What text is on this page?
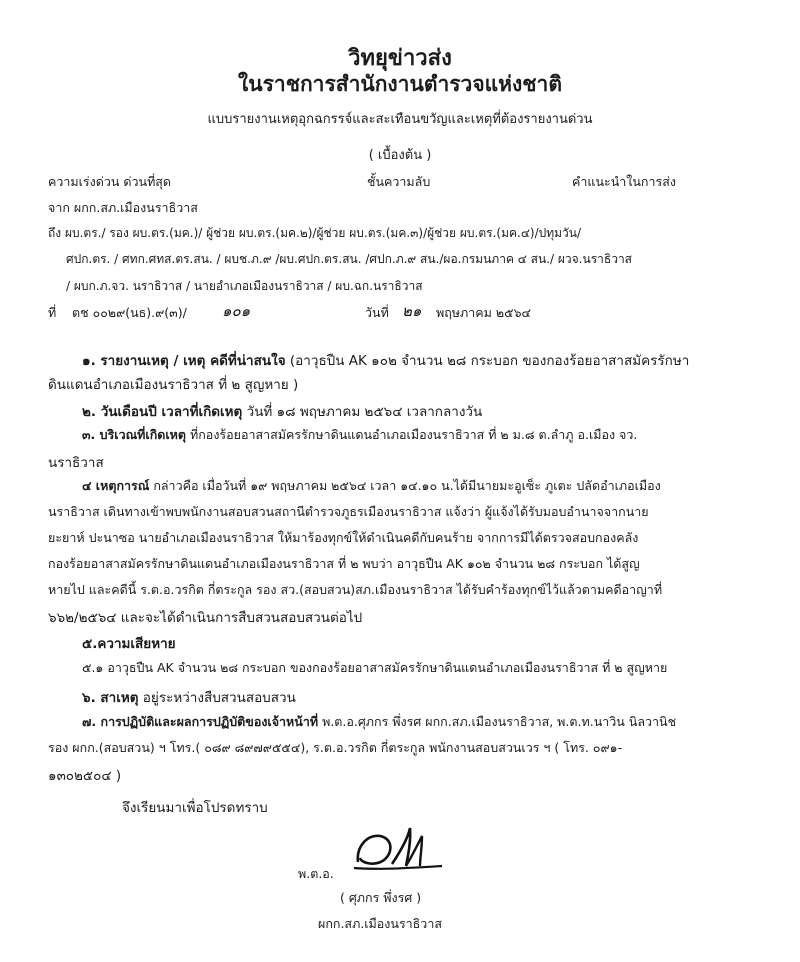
วิทยุข่าวส่ง
ในราชการสำนักงานตำรวจแห่งชาติ
แบบรายงานเหตุอุกฉกรรจ์และสะเทือนขวัญและเหตุที่ต้องรายงานด่วน
( เบื้องต้น )
ความเร่งด่วน ด่วนที่สุด	ชั้นความลับ	คำแนะนำในการส่ง
จาก ผกก.สภ.เมืองนราธิวาส
ถึง ผบ.ตร./ รอง ผบ.ตร.(มค.)/ ผู้ช่วย ผบ.ตร.(มค.๒)/ผู้ช่วย ผบ.ตร.(มค.๓)/ผู้ช่วย ผบ.ตร.(มค.๔)/ปทุมวัน/
ศปก.ตร. / ศทก.ศทส.ตร.สน. / ผบช.ภ.๙ /ผบ.ศปก.ตร.สน. /ศปก.ภ.๙ สน./ผอ.กรมนภาค ๔ สน./ ผวจ.นราธิวาส
/ ผบก.ภ.จว. นราธิวาส / นายอำเภอเมืองนราธิวาส / ผบ.ฉก.นราธิวาส
ที่ ตช ๐๐๒๙(นธ).๙(๓)/ ๑๐๑	วันที่ ๒๑ พฤษภาคม ๒๕๖๔
๑. รายงานเหตุ / เหตุ คดีที่น่าสนใจ (อาวุธปืน AK ๑๐๒ จำนวน ๒๘ กระบอก ของกองร้อยอาสาสมัครรักษา
ดินแดนอำเภอเมืองนราธิวาส ที่ ๒ สูญหาย )
๒. วันเดือนปี เวลาที่เกิดเหตุ วันที่ ๑๘ พฤษภาคม ๒๕๖๔ เวลากลางวัน
๓. บริเวณที่เกิดเหตุ ที่กองร้อยอาสาสมัครรักษาดินแดนอำเภอเมืองนราธิวาส ที่ ๒ ม.๘ ต.ลำภู อ.เมือง จว.
นราธิวาส
๔ เหตุการณ์ กล่าวคือ เมื่อวันที่ ๑๙ พฤษภาคม ๒๕๖๔ เวลา ๑๔.๑๐ น.ได้มีนายมะอูเซ็ะ ภูเตะ ปลัดอำเภอเมือง
นราธิวาส เดินทางเข้าพบพนักงานสอบสวนสถานีตำรวจภูธรเมืองนราธิวาส แจ้งว่า ผู้แจ้งได้รับมอบอำนาจจากนาย
ยะยาห์ ปะนาซอ นายอำเภอเมืองนราธิวาส ให้มาร้องทุกข์ให้ดำเนินคดีกับคนร้าย จากการมีได้ตรวจสอบกองคลัง
กองร้อยอาสาสมัครรักษาดินแดนอำเภอเมืองนราธิวาส ที่ ๒ พบว่า อาวุธปืน AK ๑๐๒ จำนวน ๒๘ กระบอก ได้สูญ
หายไป และคดีนี้ ร.ต.อ.วรกิต กี่ตระกูล รอง สว.(สอบสวน)สภ.เมืองนราธิวาส ได้รับคำร้องทุกข์ไว้แล้วตามคดีอาญาที่
๖๖๒/๒๕๖๔ และจะได้ดำเนินการสืบสวนสอบสวนต่อไป
๕.ความเสียหาย
๕.๑ อาวุธปืน AK จำนวน ๒๘ กระบอก ของกองร้อยอาสาสมัครรักษาดินแดนอำเภอเมืองนราธิวาส ที่ ๒ สูญหาย
๖. สาเหตุ อยู่ระหว่างสืบสวนสอบสวน
๗. การปฏิบัติและผลการปฏิบัติของเจ้าหน้าที่ พ.ต.อ.ศุภกร พึ่งรศ ผกก.สภ.เมืองนราธิวาส, พ.ต.ท.นาวิน นิลวานิช
รอง ผกก.(สอบสวน) ฯ โทร.( ๐๘๙ ๘๙๗๙๕๕๔), ร.ต.อ.วรกิต กี่ตระกูล พนักงานสอบสวนเวร ฯ ( โทร. ๐๙๑-
๑๓๐๒๕๐๔ )
จึงเรียนมาเพื่อโปรดทราบ
พ.ต.อ.
( ศุภกร พึ่งรศ )
ผกก.สภ.เมืองนราธิวาส
